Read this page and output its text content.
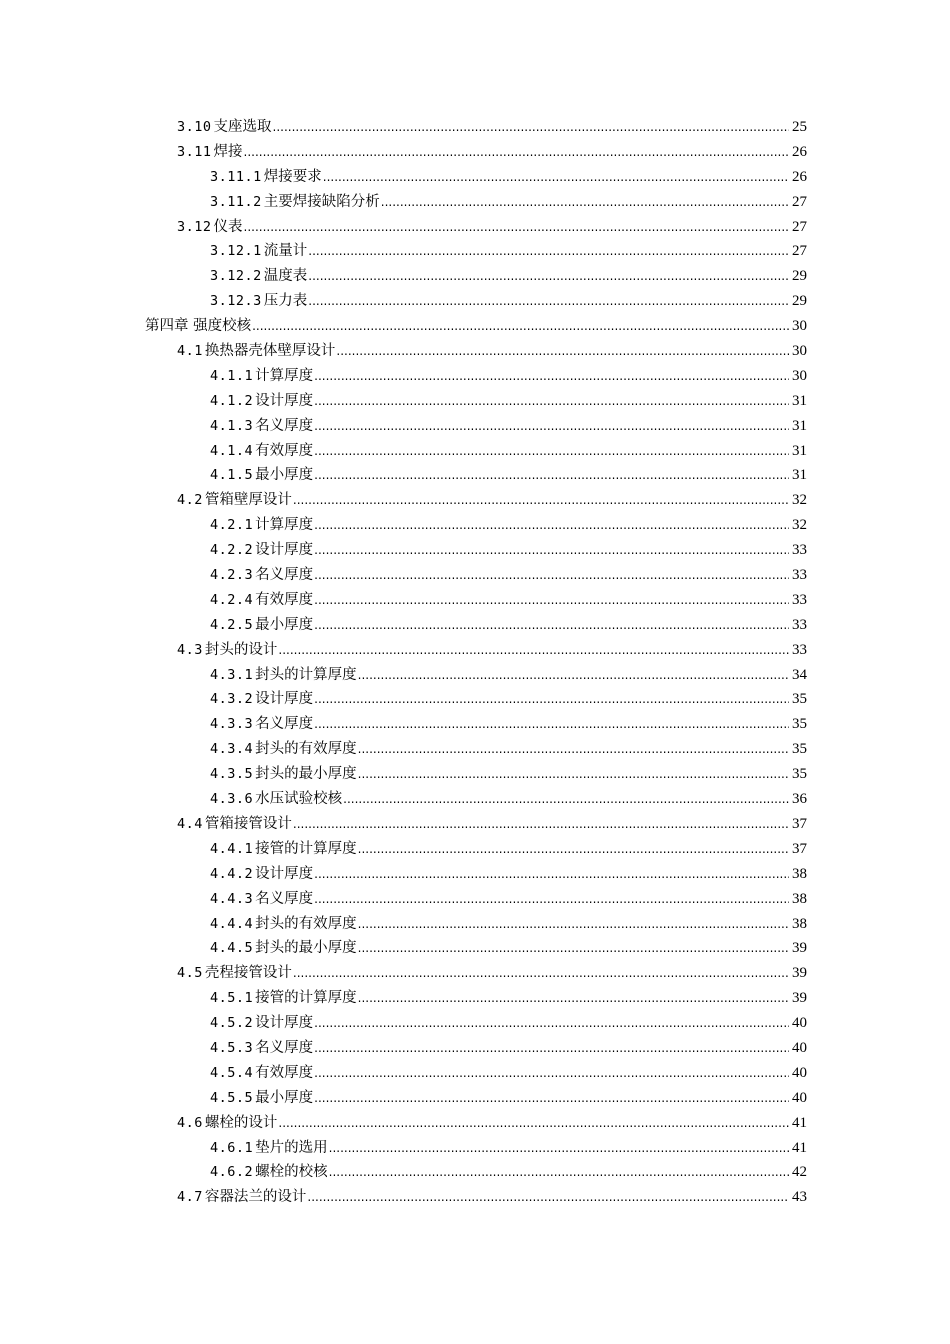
3.10 支座选取 .....	25
3.11 焊接 .....	26
3.11.1 焊接要求 .....	26
3.11.2 主要焊接缺陷分析 .....	27
3.12 仪表 .....	27
3.12.1 流量计 .....	27
3.12.2 温度表 .....	29
3.12.3 压力表 .....	29
第四章 强度校核 .....	30
4.1 换热器壳体壁厚设计 .....	30
4.1.1 计算厚度 .....	30
4.1.2 设计厚度 .....	31
4.1.3 名义厚度 .....	31
4.1.4 有效厚度 .....	31
4.1.5 最小厚度 .....	31
4.2 管箱壁厚设计 .....	32
4.2.1 计算厚度 .....	32
4.2.2 设计厚度 .....	33
4.2.3 名义厚度 .....	33
4.2.4 有效厚度 .....	33
4.2.5 最小厚度 .....	33
4.3 封头的设计 .....	33
4.3.1 封头的计算厚度 .....	34
4.3.2 设计厚度 .....	35
4.3.3 名义厚度 .....	35
4.3.4 封头的有效厚度 .....	35
4.3.5 封头的最小厚度 .....	35
4.3.6 水压试验校核 .....	36
4.4 管箱接管设计 .....	37
4.4.1 接管的计算厚度 .....	37
4.4.2 设计厚度 .....	38
4.4.3 名义厚度 .....	38
4.4.4 封头的有效厚度 .....	38
4.4.5 封头的最小厚度 .....	39
4.5 壳程接管设计 .....	39
4.5.1 接管的计算厚度 .....	39
4.5.2 设计厚度 .....	40
4.5.3 名义厚度 .....	40
4.5.4 有效厚度 .....	40
4.5.5 最小厚度 .....	40
4.6 螺栓的设计 .....	41
4.6.1 垫片的选用 .....	41
4.6.2 螺栓的校核 .....	42
4.7 容器法兰的设计 .....	43
